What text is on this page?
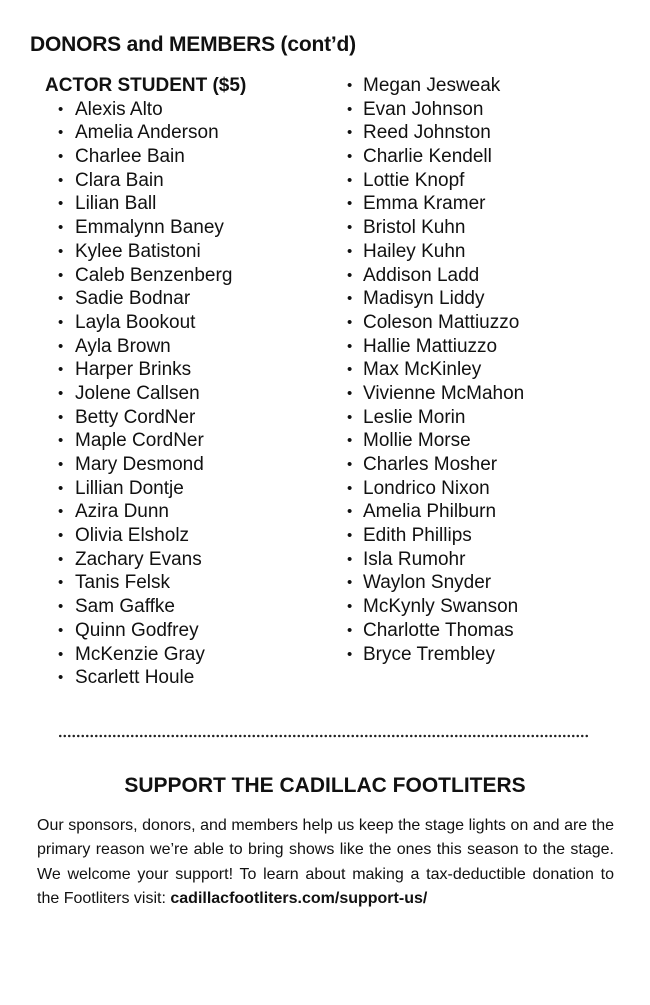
DONORS and MEMBERS (cont’d)
ACTOR STUDENT ($5)
• Alexis Alto
• Amelia Anderson
• Charlee Bain
• Clara Bain
• Lilian Ball
• Emmalynn Baney
• Kylee Batistoni
• Caleb Benzenberg
• Sadie Bodnar
• Layla Bookout
• Ayla Brown
• Harper Brinks
• Jolene Callsen
• Betty CordNer
• Maple CordNer
• Mary Desmond
• Lillian Dontje
• Azira Dunn
• Olivia Elsholz
• Zachary Evans
• Tanis Felsk
• Sam Gaffke
• Quinn Godfrey
• McKenzie Gray
• Scarlett Houle
• Megan Jesweak
• Evan Johnson
• Reed Johnston
• Charlie Kendell
• Lottie Knopf
• Emma Kramer
• Bristol Kuhn
• Hailey Kuhn
• Addison Ladd
• Madisyn Liddy
• Coleson Mattiuzzo
• Hallie Mattiuzzo
• Max McKinley
• Vivienne McMahon
• Leslie Morin
• Mollie Morse
• Charles Mosher
• Londrico Nixon
• Amelia Philburn
• Edith Phillips
• Isla Rumohr
• Waylon Snyder
• McKynly Swanson
• Charlotte Thomas
• Bryce Trembley
SUPPORT THE CADILLAC FOOTLITERS
Our sponsors, donors, and members help us keep the stage lights on and are the primary reason we’re able to bring shows like the ones this season to the stage. We welcome your support! To learn about making a tax-deductible donation to the Footliters visit: cadillacfootliters.com/support-us/
